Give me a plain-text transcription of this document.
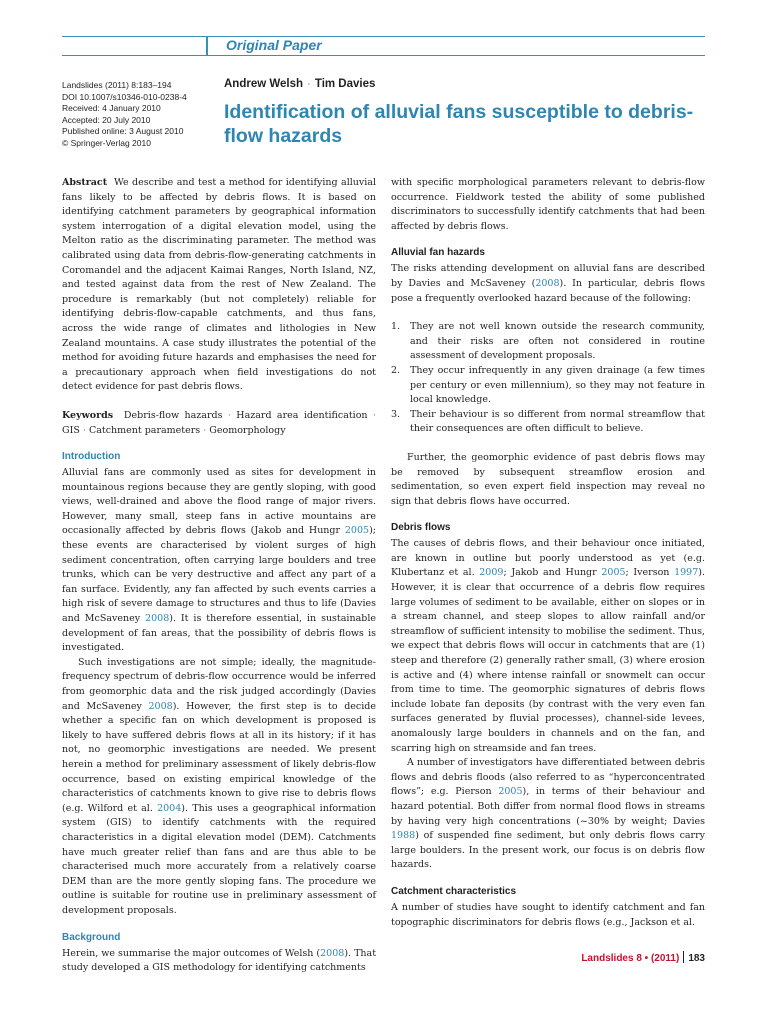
Original Paper
Landslides (2011) 8:183–194
DOI 10.1007/s10346-010-0238-4
Received: 4 January 2010
Accepted: 20 July 2010
Published online: 3 August 2010
© Springer-Verlag 2010
Andrew Welsh · Tim Davies
Identification of alluvial fans susceptible to debris-flow hazards

Abstract We describe and test a method for identifying alluvial fans likely to be affected by debris flows. It is based on identifying catchment parameters by geographical information system interrogation of a digital elevation model, using the Melton ratio as the discriminating parameter. The method was calibrated using data from debris-flow-generating catchments in Coromandel and the adjacent Kaimai Ranges, North Island, NZ, and tested against data from the rest of New Zealand. The procedure is remarkably (but not completely) reliable for identifying debris-flow-capable catchments, and thus fans, across the wide range of climates and lithologies in New Zealand mountains. A case study illustrates the potential of the method for avoiding future hazards and emphasises the need for a precautionary approach when field investigations do not detect evidence for past debris flows.

Keywords Debris-flow hazards · Hazard area identification · GIS · Catchment parameters · Geomorphology

Introduction

Alluvial fans are commonly used as sites for development in mountainous regions because they are gently sloping, with good views, well-drained and above the flood range of major rivers. However, many small, steep fans in active mountains are occasionally affected by debris flows (Jakob and Hungr 2005); these events are characterised by violent surges of high sediment concentration, often carrying large boulders and tree trunks, which can be very destructive and affect any part of a fan surface. Evidently, any fan affected by such events carries a high risk of severe damage to structures and thus to life (Davies and McSaveney 2008). It is therefore essential, in sustainable development of fan areas, that the possibility of debris flows is investigated.

Such investigations are not simple; ideally, the magnitude-frequency spectrum of debris-flow occurrence would be inferred from geomorphic data and the risk judged accordingly (Davies and McSaveney 2008). However, the first step is to decide whether a specific fan on which development is proposed is likely to have suffered debris flows at all in its history; if it has not, no geomorphic investigations are needed. We present herein a method for preliminary assessment of likely debris-flow occurrence, based on existing empirical knowledge of the characteristics of catchments known to give rise to debris flows (e.g. Wilford et al. 2004). This uses a geographical information system (GIS) to identify catchments with the required characteristics in a digital elevation model (DEM). Catchments have much greater relief than fans and are thus able to be characterised much more accurately from a relatively coarse DEM than are the more gently sloping fans. The procedure we outline is suitable for routine use in preliminary assessment of development proposals.

Background

Herein, we summarise the major outcomes of Welsh (2008). That study developed a GIS methodology for identifying catchments

with specific morphological parameters relevant to debris-flow occurrence. Fieldwork tested the ability of some published discriminators to successfully identify catchments that had been affected by debris flows.

Alluvial fan hazards

The risks attending development on alluvial fans are described by Davies and McSaveney (2008). In particular, debris flows pose a frequently overlooked hazard because of the following:

1. They are not well known outside the research community, and their risks are often not considered in routine assessment of development proposals.
2. They occur infrequently in any given drainage (a few times per century or even millennium), so they may not feature in local knowledge.
3. Their behaviour is so different from normal streamflow that their consequences are often difficult to believe.

Further, the geomorphic evidence of past debris flows may be removed by subsequent streamflow erosion and sedimentation, so even expert field inspection may reveal no sign that debris flows have occurred.

Debris flows

The causes of debris flows, and their behaviour once initiated, are known in outline but poorly understood as yet (e.g. Klubertanz et al. 2009; Jakob and Hungr 2005; Iverson 1997). However, it is clear that occurrence of a debris flow requires large volumes of sediment to be available, either on slopes or in a stream channel, and steep slopes to allow rainfall and/or streamflow of sufficient intensity to mobilise the sediment. Thus, we expect that debris flows will occur in catchments that are (1) steep and therefore (2) generally rather small, (3) where erosion is active and (4) where intense rainfall or snowmelt can occur from time to time. The geomorphic signatures of debris flows include lobate fan deposits (by contrast with the very even fan surfaces generated by fluvial processes), channel-side levees, anomalously large boulders in channels and on the fan, and scarring high on streamside and fan trees.

A number of investigators have differentiated between debris flows and debris floods (also referred to as “hyperconcentrated flows”; e.g. Pierson 2005), in terms of their behaviour and hazard potential. Both differ from normal flood flows in streams by having very high concentrations (~30% by weight; Davies 1988) of suspended fine sediment, but only debris flows carry large boulders. In the present work, our focus is on debris flow hazards.

Catchment characteristics

A number of studies have sought to identify catchment and fan topographic discriminators for debris flows (e.g., Jackson et al.

Landslides 8 • (2011) 183
